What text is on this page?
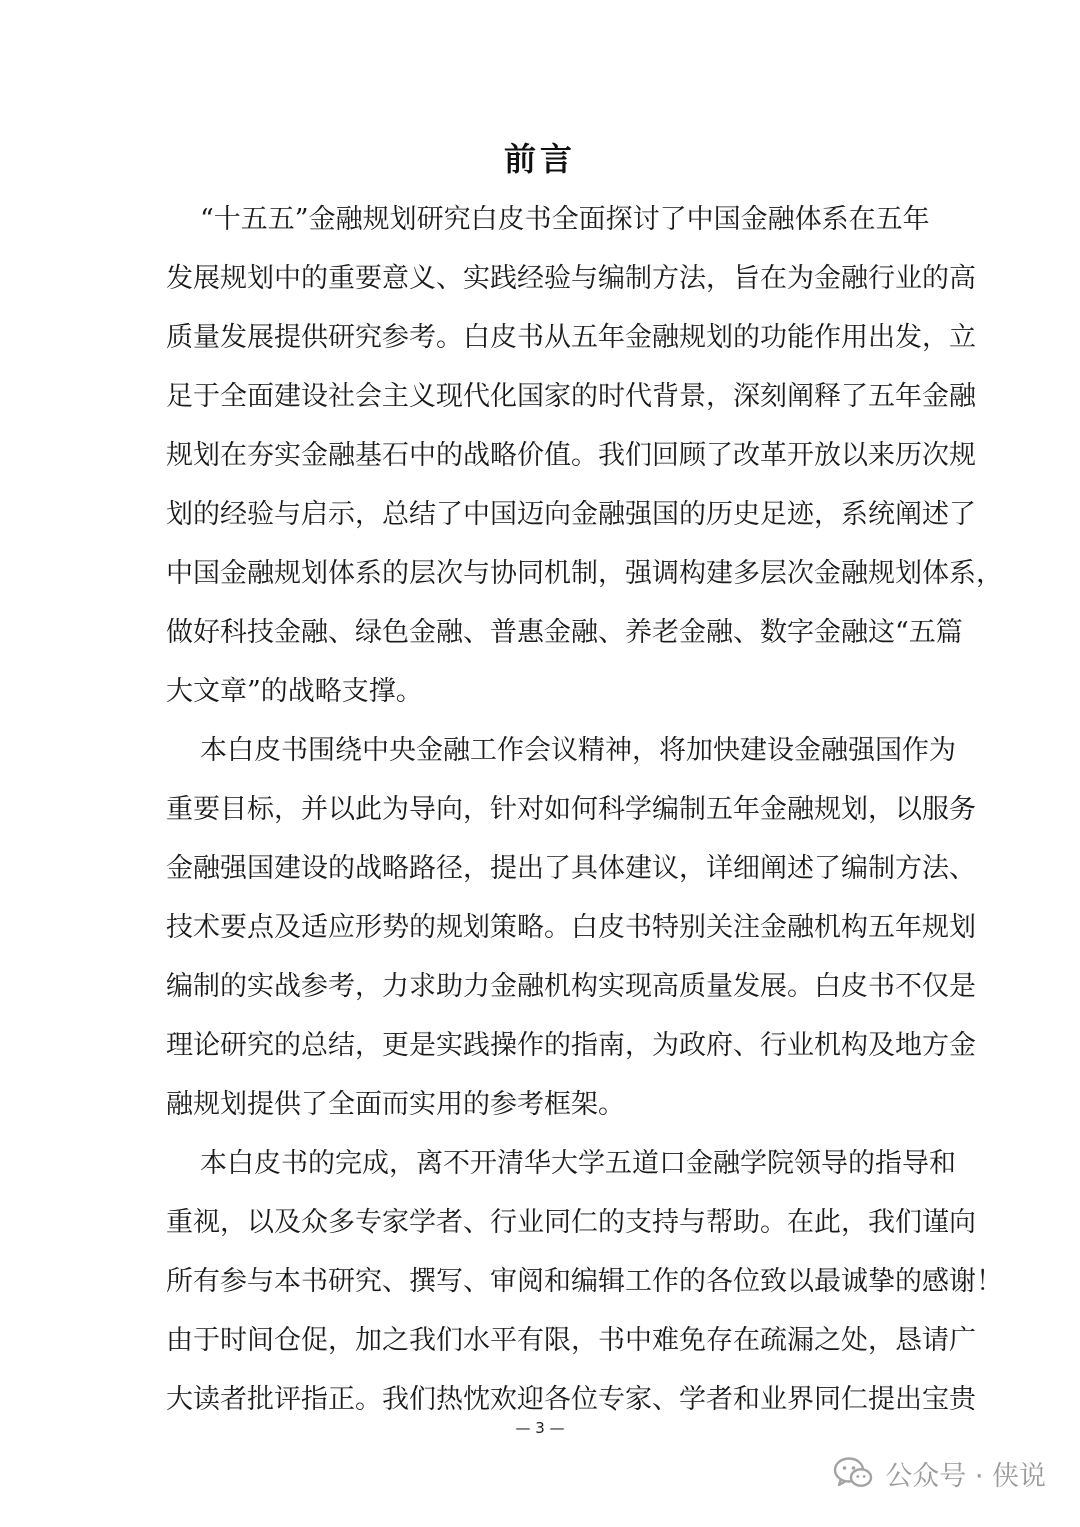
前言
“十五五”金融规划研究白皮书全面探讨了中国金融体系在五年
发展规划中的重要意义、实践经验与编制方法，旨在为金融行业的高
质量发展提供研究参考。白皮书从五年金融规划的功能作用出发，立
足于全面建设社会主义现代化国家的时代背景，深刻阐释了五年金融
规划在夯实金融基石中的战略价值。我们回顾了改革开放以来历次规
划的经验与启示，总结了中国迈向金融强国的历史足迹，系统阐述了
中国金融规划体系的层次与协同机制，强调构建多层次金融规划体系，
做好科技金融、绿色金融、普惠金融、养老金融、数字金融这“五篇
大文章”的战略支撑。
本白皮书围绕中央金融工作会议精神，将加快建设金融强国作为
重要目标，并以此为导向，针对如何科学编制五年金融规划，以服务
金融强国建设的战略路径，提出了具体建议，详细阐述了编制方法、
技术要点及适应形势的规划策略。白皮书特别关注金融机构五年规划
编制的实战参考，力求助力金融机构实现高质量发展。白皮书不仅是
理论研究的总结，更是实践操作的指南，为政府、行业机构及地方金
融规划提供了全面而实用的参考框架。
本白皮书的完成，离不开清华大学五道口金融学院领导的指导和
重视，以及众多专家学者、行业同仁的支持与帮助。在此，我们谨向
所有参与本书研究、撰写、审阅和编辑工作的各位致以最诚挚的感谢！
由于时间仓促，加之我们水平有限，书中难免存在疏漏之处，恳请广
大读者批评指正。我们热忱欢迎各位专家、学者和业界同仁提出宝贵
— 3 —
公众号 · 侠说
